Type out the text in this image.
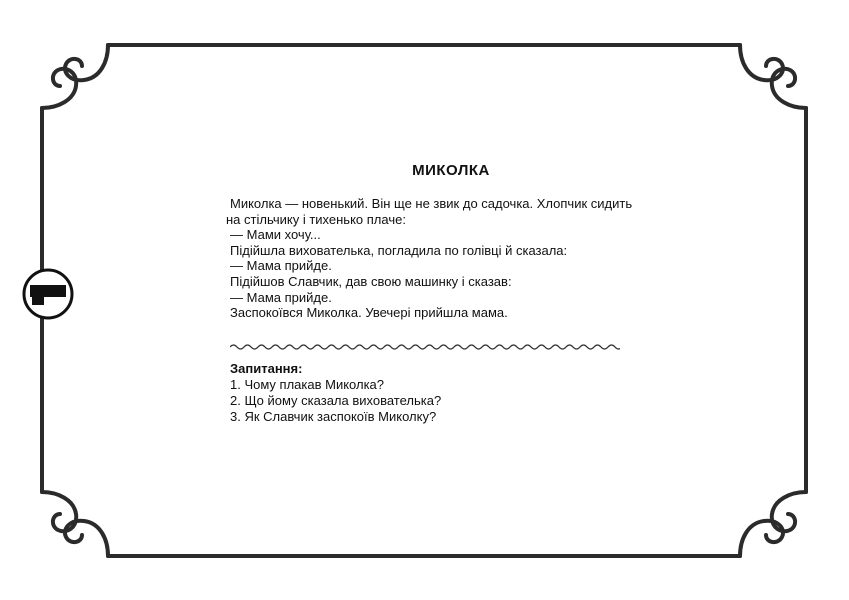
МИКОЛКА
Миколка — новенький. Він ще не звик до садочка. Хлопчик сидить
на стільчику і тихенько плаче:
— Мами хочу...
Підійшла вихователька, погладила по голівці й сказала:
— Мама прийде.
Підійшов Славчик, дав свою машинку і сказав:
— Мама прийде.
Заспокоївся Миколка. Увечері прийшла мама.
Запитання:
1. Чому плакав Миколка?
2. Що йому сказала вихователька?
3. Як Славчик заспокоїв Миколку?
